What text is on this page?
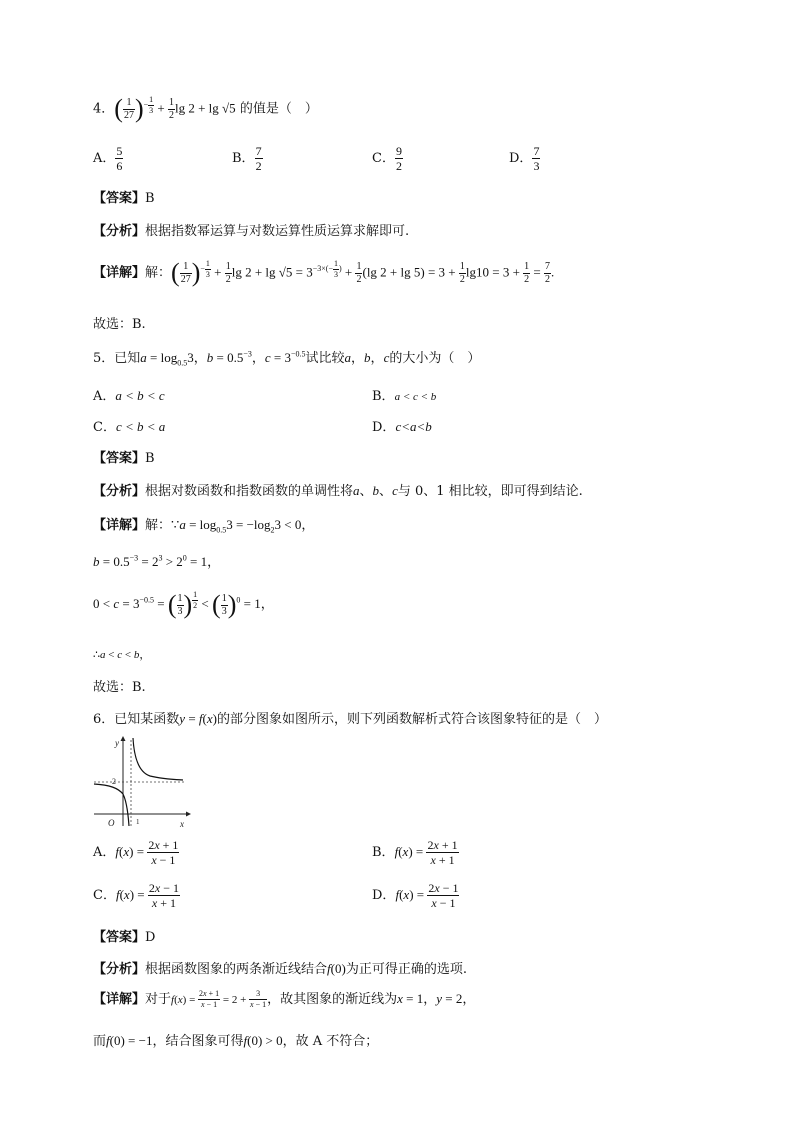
4．( $\frac{1}{27} )^{- \frac{1}{3}} + \frac{1}{2}$ lg 2 + lg √5 的值是（　）
A． $\frac{5}{6}$	B． $\frac{7}{2}$	C． $\frac{9}{2}$	D． $\frac{7}{3}$
【答案】B
【分析】根据指数幂运算与对数运算性质运算求解即可.
【详解】解：( $\frac{1}{27} )^{- \frac{1}{3}} + \frac{1}{2}$ $\lg 2 + \lg √5 = 3^{-3\times(- \frac{1}{3} )} + \frac{1}{2} (\lg$ $2 + \lg 5) = 3 + \frac{1}{2} \lg 10 = 3 + \frac{1}{2} = \frac{7}{2}$ .
故选：B.
5．已知$a = \log_{0.5}3$，$b = 0.5^{-3}$，$c = 3^{-0.5}$试比较a，b，c的大小为（　）
A．a < b < c	B．a < c < b
C．c < b < a	D．c<a<b
【答案】B
【分析】根据对数函数和指数函数的单调性将a、b、c与 0、1 相比较，即可得到结论.
【详解】解：∵a = $\log_{0.5}3 = -\log_23 < 0$，
$b = 0.5^{-3} = 2^3 > 2^0 = 1$，
$0 < c = 3^{-0.5}$ = ( $\frac{1}{3}$ ) $^{\frac{1}{2}}$ < ( $\frac{1}{3} )^0 = 1$，
∴a < c < b，
故选：B.
6．已知某函数y = f(x)的部分图象如图所示，则下列函数解析式符合该图象特征的是（　）
y
x
O
2
1
A．$f(x) = \frac{2x + 1}{x - 1}$	B．$f(x) = \frac{2x + 1}{x + 1}$
C．$f(x) = \frac{2x - 1}{x + 1}$	D．$f(x) = \frac{2x - 1}{x - 1}$
【答案】D
【分析】根据函数图象的两条渐近线结合f(0)为正可得正确的选项.
【详解】对于$f(x) = \frac{2x + 1}{x - 1} = 2 + \frac{3}{x - 1}$ ，故其图象的渐近线为x = 1，y = 2，
而f(0) = −1，结合图象可得f(0) > 0，故 A 不符合；
